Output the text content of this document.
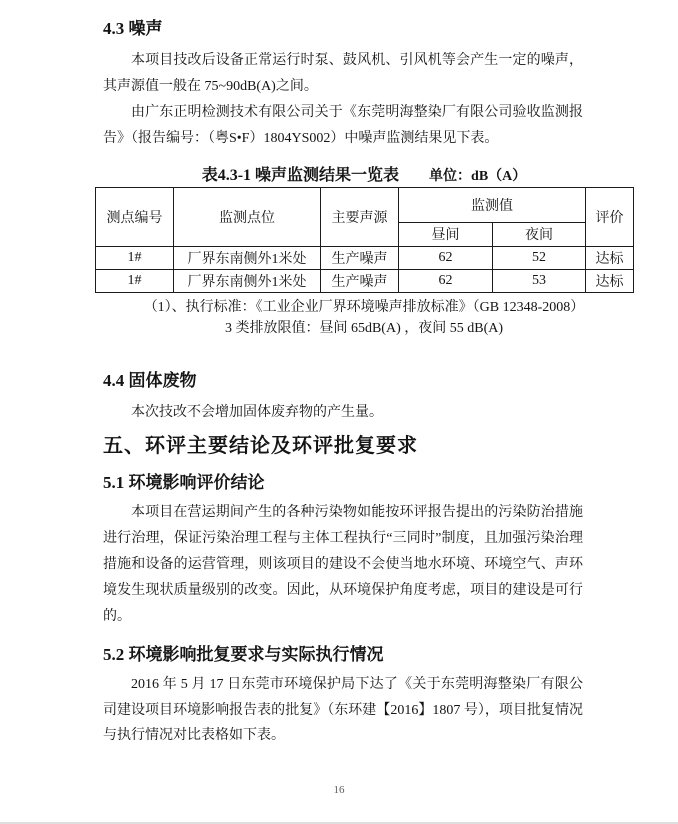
4.3 噪声

本项目技改后设备正常运行时泵、鼓风机、引风机等会产生一定的噪声，其声源值一般在 75~90dB(A)之间。

由广东正明检测技术有限公司关于《东莞明海整染厂有限公司验收监测报告》（报告编号：（粤S•F）1804YS002）中噪声监测结果见下表。

表4.3-1 噪声监测结果一览表 单位：dB（A）
测点编号	监测点位	主要声源	监测值		评价
			昼间	夜间	
1#	厂界东南侧外1米处	生产噪声	62	52	达标
1#	厂界东南侧外1米处	生产噪声	62	53	达标
（1）、执行标准：《工业企业厂界环境噪声排放标准》（GB 12348-2008）
3 类排放限值：昼间 65dB(A) ，夜间 55 dB(A)
4.4 固体废物

本次技改不会增加固体废弃物的产生量。

五、环评主要结论及环评批复要求
5.1 环境影响评价结论

本项目在营运期间产生的各种污染物如能按环评报告提出的污染防治措施进行治理，保证污染治理工程与主体工程执行“三同时”制度，且加强污染治理措施和设备的运营管理，则该项目的建设不会使当地水环境、环境空气、声环境发生现状质量级别的改变。因此，从环境保护角度考虑，项目的建设是可行的。

5.2 环境影响批复要求与实际执行情况

2016 年 5 月 17 日东莞市环境保护局下达了《关于东莞明海整染厂有限公司建设项目环境影响报告表的批复》（东环建【2016】1807 号），项目批复情况与执行情况对比表格如下表。

16
